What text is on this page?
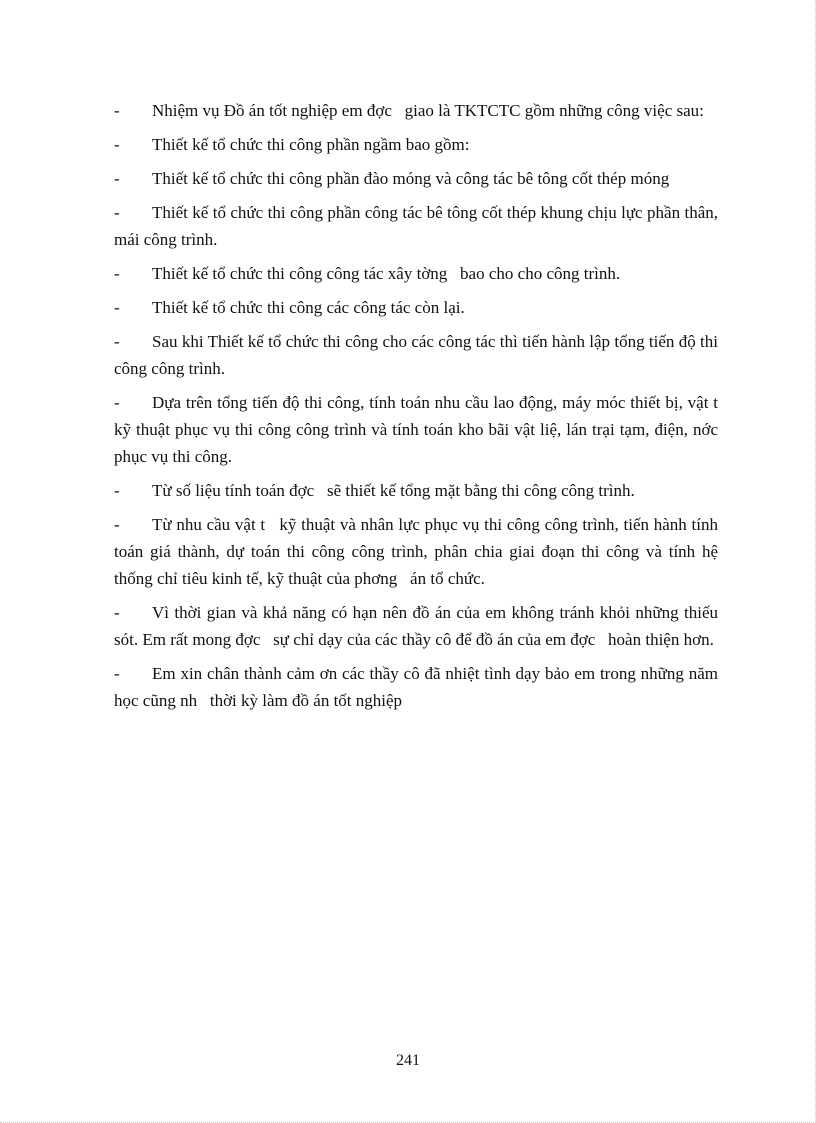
- Nhiệm vụ Đồ án tốt nghiệp em đợc   giao là TKTCTC gồm những công việc sau:

- Thiết kế tổ chức thi công phần ngầm bao gồm:

- Thiết kế tổ chức thi công phần đào móng và công tác bê tông cốt thép móng

- Thiết kế tổ chức thi công phần công tác bê tông cốt thép khung chịu lực phần thân, mái công trình.

- Thiết kế tổ chức thi công công tác xây tờng   bao cho cho công trình.

- Thiết kế tổ chức thi công các công tác còn lại.

- Sau khi Thiết kế tổ chức thi công cho các công tác thì tiến hành lập tổng tiến độ thi công công trình.

- Dựa trên tổng tiến độ thi công, tính toán nhu cầu lao động, máy móc thiết bị, vật t   kỹ thuật phục vụ thi công công trình và tính toán kho bãi vật liệ, lán trại tạm, điện, nớc   phục vụ thi công.

- Từ số liệu tính toán đợc   sẽ thiết kế tổng mặt bằng thi công công trình.

- Từ nhu cầu vật t   kỹ thuật và nhân lực phục vụ thi công công trình, tiến hành tính toán giá thành, dự toán thi công công trình, phân chia giai đoạn thi công và tính hệ thống chỉ tiêu kinh tế, kỹ thuật của phơng   án tổ chức.

- Vì thời gian và khả năng có hạn nên đồ án của em không tránh khỏi những thiếu sót. Em rất mong đợc   sự chỉ dạy của các thầy cô để đồ án của em đợc   hoàn thiện hơn.

- Em xin chân thành cảm ơn các thầy cô đã nhiệt tình dạy bảo em trong những năm học cũng nh   thời kỳ làm đồ án tốt nghiệp

241
